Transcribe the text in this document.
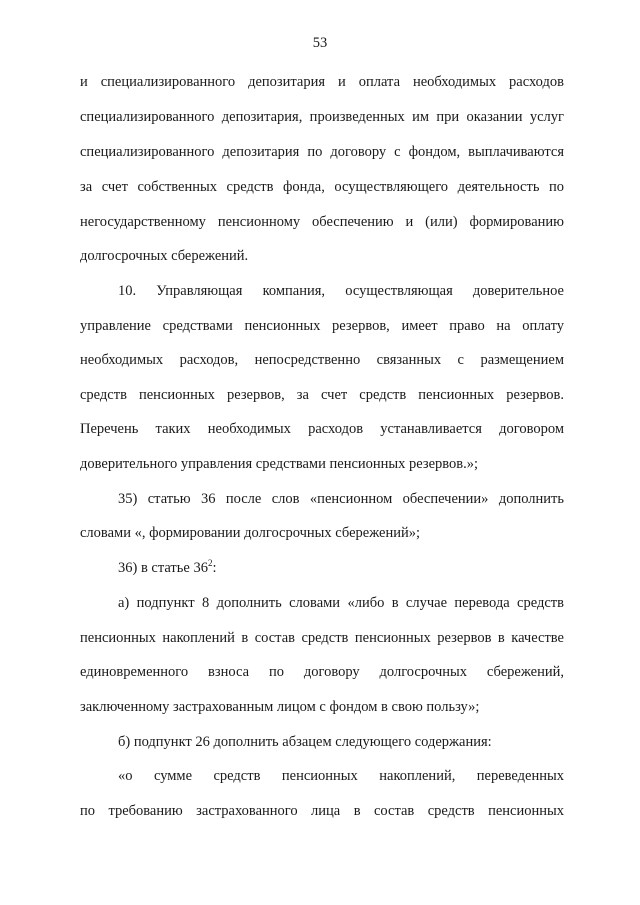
53
и специализированного депозитария и оплата необходимых расходов
специализированного депозитария, произведенных им при оказании услуг
специализированного депозитария по договору с фондом, выплачиваются
за счет собственных средств фонда, осуществляющего деятельность по
негосударственному пенсионному обеспечению и (или) формированию
долгосрочных сбережений.
10. Управляющая компания, осуществляющая доверительное
управление средствами пенсионных резервов, имеет право на оплату
необходимых расходов, непосредственно связанных с размещением
средств пенсионных резервов, за счет средств пенсионных резервов.
Перечень таких необходимых расходов устанавливается договором
доверительного управления средствами пенсионных резервов.»;
35) статью 36 после слов «пенсионном обеспечении» дополнить
словами «, формировании долгосрочных сбережений»;
36) в статье $36^2$:
а) подпункт 8 дополнить словами «либо в случае перевода средств
пенсионных накоплений в состав средств пенсионных резервов в качестве
единовременного взноса по договору долгосрочных сбережений,
заключенному застрахованным лицом с фондом в свою пользу»;
б) подпункт 26 дополнить абзацем следующего содержания:
«о сумме средств пенсионных накоплений, переведенных
по требованию застрахованного лица в состав средств пенсионных
